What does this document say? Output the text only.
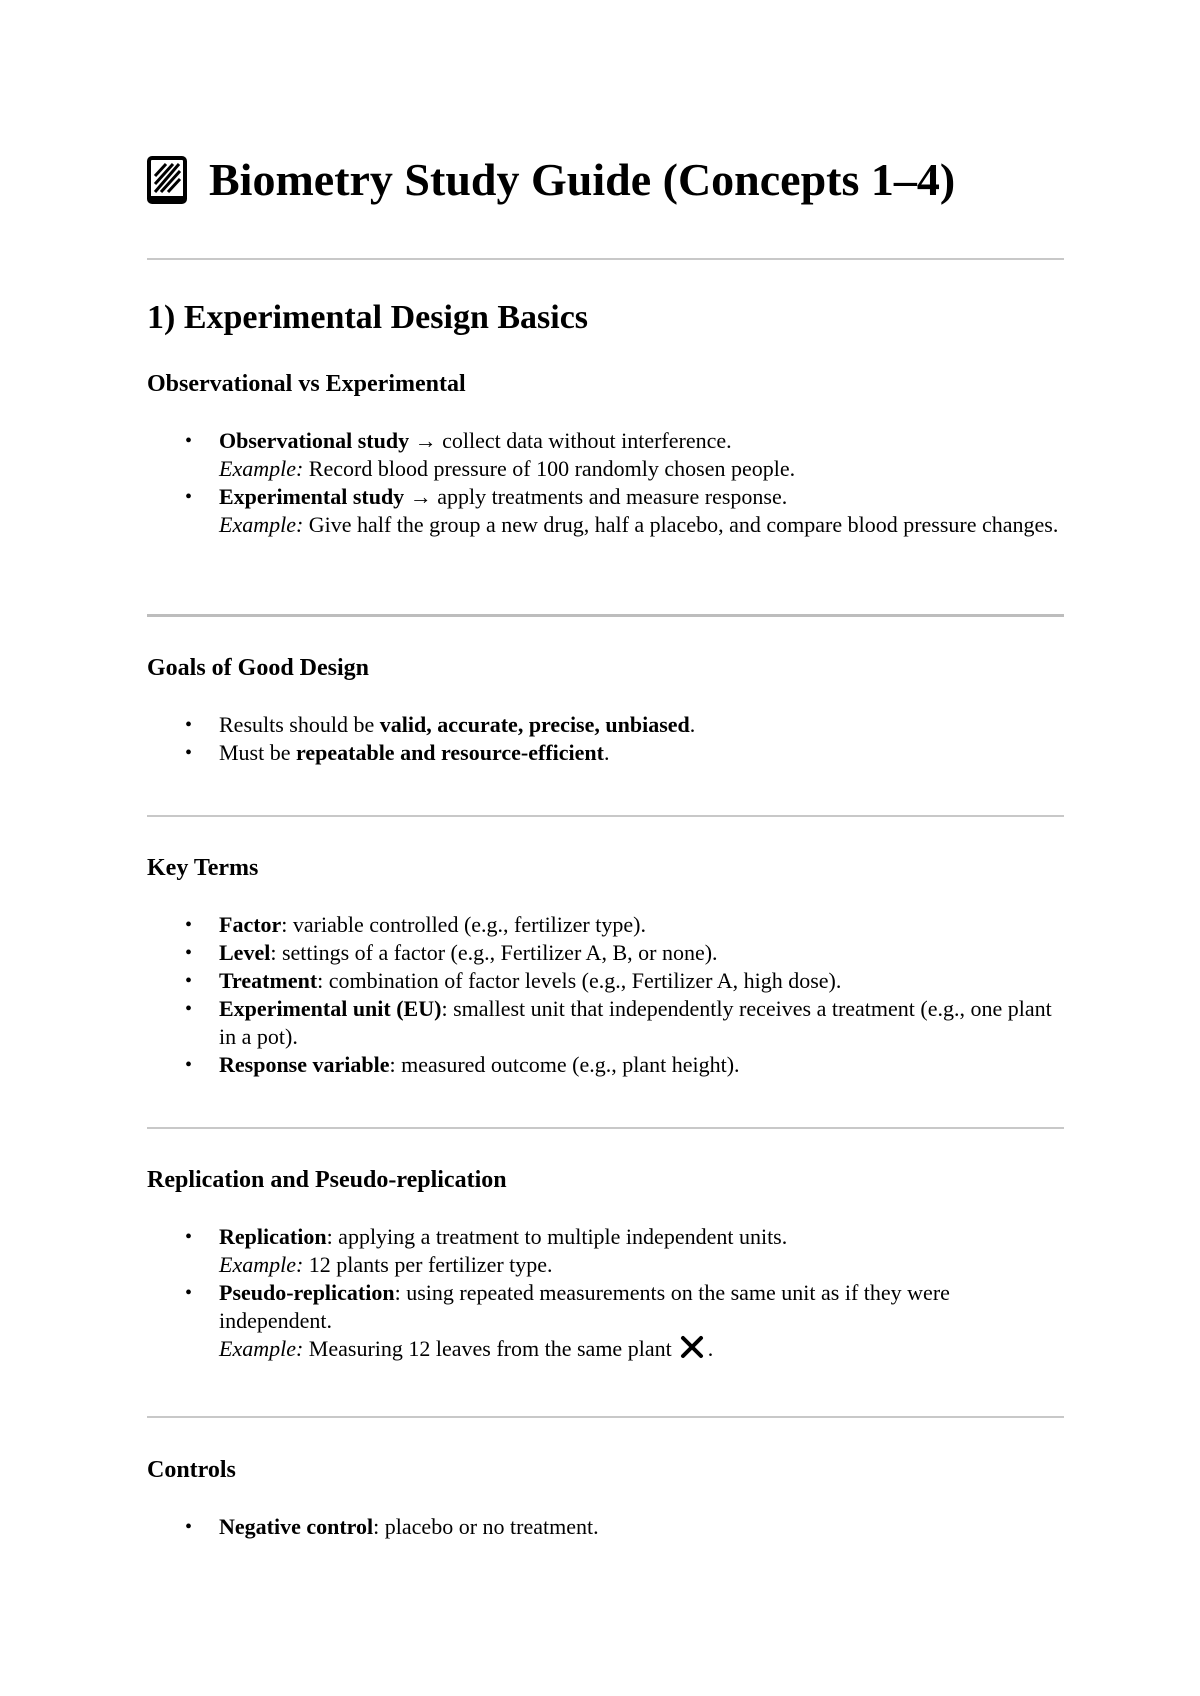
Biometry Study Guide (Concepts 1–4)
1) Experimental Design Basics
Observational vs Experimental
• Observational study → collect data without interference.
Example: Record blood pressure of 100 randomly chosen people.
• Experimental study → apply treatments and measure response.
Example: Give half the group a new drug, half a placebo, and compare blood pressure changes.
Goals of Good Design
• Results should be valid, accurate, precise, unbiased.
• Must be repeatable and resource-efficient.
Key Terms
• Factor: variable controlled (e.g., fertilizer type).
• Level: settings of a factor (e.g., Fertilizer A, B, or none).
• Treatment: combination of factor levels (e.g., Fertilizer A, high dose).
• Experimental unit (EU): smallest unit that independently receives a treatment (e.g., one plant in a pot).
• Response variable: measured outcome (e.g., plant height).
Replication and Pseudo-replication
• Replication: applying a treatment to multiple independent units.
Example: 12 plants per fertilizer type.
• Pseudo-replication: using repeated measurements on the same unit as if they were independent.
Example: Measuring 12 leaves from the same plant .
Controls
• Negative control: placebo or no treatment.
